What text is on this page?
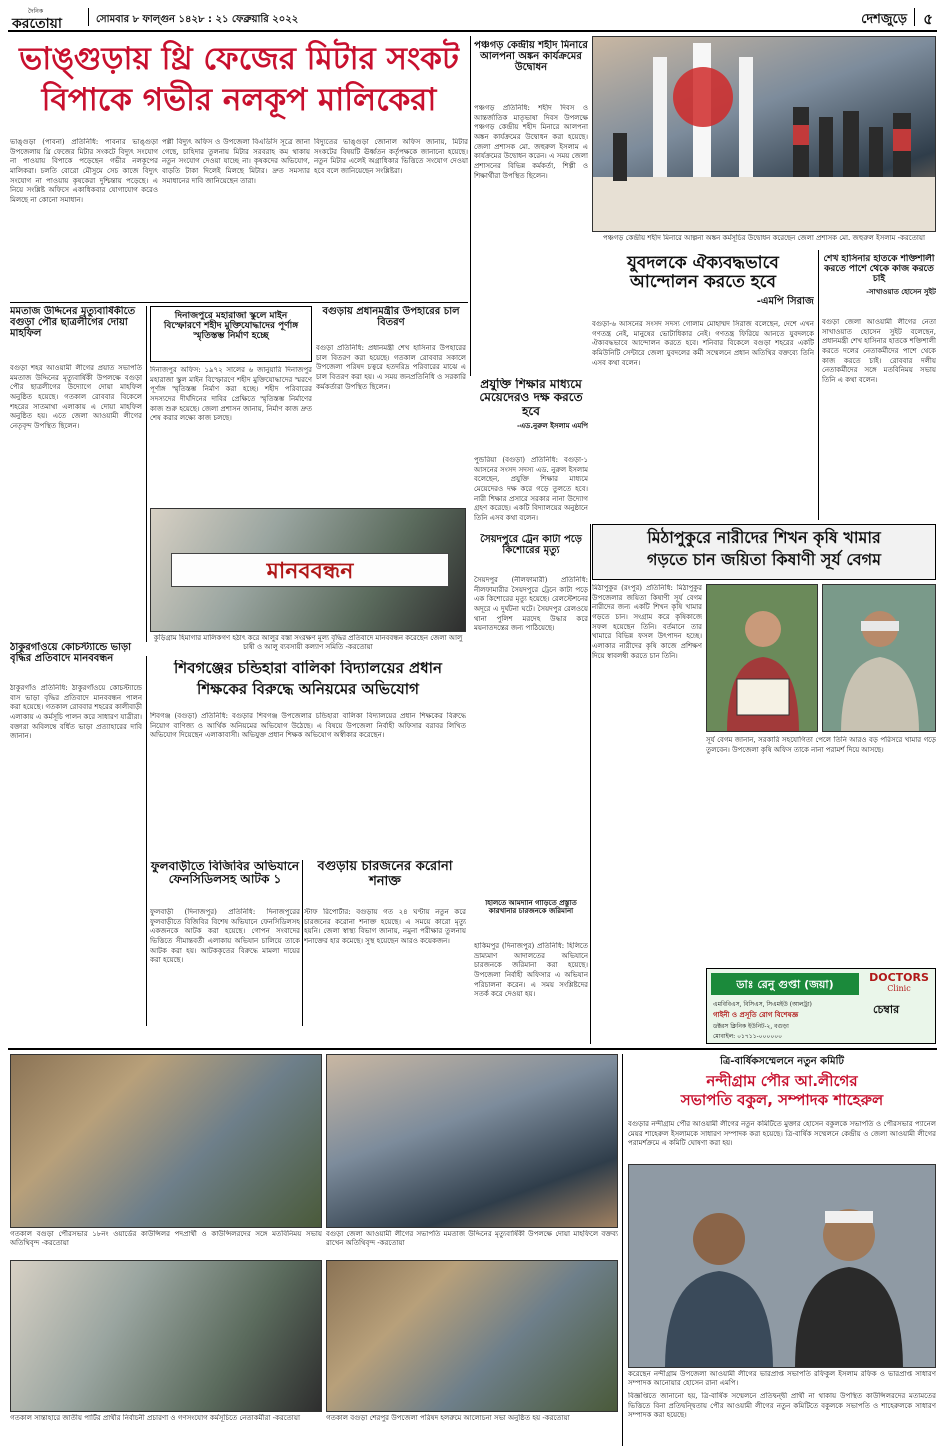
দৈনিক
করতোয়া	সোমবার ৮ ফাল্গুন ১৪২৮ : ২১ ফেব্রুয়ারি ২০২২	দেশজুড়ে ৫
ভাঙ্গুড়ায় থ্রি ফেজের মিটার সংকট
বিপাকে গভীর নলকূপ মালিকেরা
ভাঙ্গুড়া (পাবনা) প্রতিনিধি: পাবনার ভাঙ্গুড়া উপজেলায় থ্রি ফেজের মিটার সংকটে বিদ্যুৎ সংযোগ না পাওয়ায় বিপাকে পড়েছেন গভীর নলকূপের মালিকরা। চলতি বোরো মৌসুমে সেচ কাজে বিদ্যুৎ সংযোগ না পাওয়ায় কৃষকেরা দুশ্চিন্তায় পড়েছে। এ নিয়ে সংশ্লিষ্ট অফিসে একাধিকবার যোগাযোগ করেও মিলছে না কোনো সমাধান।
পল্লী বিদ্যুৎ অফিস ও উপজেলা বিএডিসি সূত্রে জানা গেছে, চাহিদার তুলনায় মিটার সরবরাহ কম থাকায় নতুন সংযোগ দেওয়া যাচ্ছে না। কৃষকদের অভিযোগ, বাড়তি টাকা দিলেই মিলছে মিটার। দ্রুত সমস্যার সমাধানের দাবি জানিয়েছেন তারা।
বিদ্যুতের ভাঙ্গুড়া জোনাল অফিস জানায়, মিটার সংকটের বিষয়টি ঊর্ধ্বতন কর্তৃপক্ষকে জানানো হয়েছে। নতুন মিটার এলেই অগ্রাধিকার ভিত্তিতে সংযোগ দেওয়া হবে বলে জানিয়েছেন সংশ্লিষ্টরা।
পঞ্চগড় কেন্দ্রীয় শহীদ মিনারে আলপনা অঙ্কন কার্যক্রমের উদ্বোধন
পঞ্চগড় প্রতিনিধি: শহীদ দিবস ও আন্তর্জাতিক মাতৃভাষা দিবস উপলক্ষে পঞ্চগড় কেন্দ্রীয় শহীদ মিনারে আলপনা অঙ্কন কার্যক্রমের উদ্বোধন করা হয়েছে। জেলা প্রশাসক মো. জহুরুল ইসলাম এ কার্যক্রমের উদ্বোধন করেন। এ সময় জেলা প্রশাসনের বিভিন্ন কর্মকর্তা, শিল্পী ও শিক্ষার্থীরা উপস্থিত ছিলেন।
পঞ্চগড় কেন্দ্রীয় শহীদ মিনারে আল্পনা অঙ্কন কর্মসূচির উদ্বোধন করেছেন জেলা প্রশাসক মো. জহুরুল ইসলাম -করতোয়া
যুবদলকে ঐক্যবদ্ধভাবে আন্দোলন করতে হবে
-এমপি সিরাজ
বগুড়া-৬ আসনের সংসদ সদস্য গোলাম মোহাম্মদ সিরাজ বলেছেন, দেশে এখন গণতন্ত্র নেই, মানুষের ভোটাধিকার নেই। গণতন্ত্র ফিরিয়ে আনতে যুবদলকে ঐক্যবদ্ধভাবে আন্দোলন করতে হবে। শনিবার বিকেলে বগুড়া শহরের একটি কমিউনিটি সেন্টারে জেলা যুবদলের কর্মী সম্মেলনে প্রধান অতিথির বক্তব্যে তিনি এসব কথা বলেন।
শেখ হাসিনার হাতকে শক্তিশালী করতে পাশে থেকে কাজ করতে চাই
-সাখাওয়াত হোসেন সুইট
বগুড়া জেলা আওয়ামী লীগের নেতা সাখাওয়াত হোসেন সুইট বলেছেন, প্রধানমন্ত্রী শেখ হাসিনার হাতকে শক্তিশালী করতে দলের নেতাকর্মীদের পাশে থেকে কাজ করতে চাই। রোববার দলীয় নেতাকর্মীদের সঙ্গে মতবিনিময় সভায় তিনি এ কথা বলেন।
মমতাজ উদ্দিনের মৃত্যুবার্ষিকীতে বগুড়া পৌর ছাত্রলীগের দোয়া মাহফিল
বগুড়া শহর আওয়ামী লীগের প্রয়াত সভাপতি মমতাজ উদ্দিনের মৃত্যুবার্ষিকী উপলক্ষে বগুড়া পৌর ছাত্রলীগের উদ্যোগে দোয়া মাহফিল অনুষ্ঠিত হয়েছে। গতকাল রোববার বিকেলে শহরের সাতমাথা এলাকায় এ দোয়া মাহফিল অনুষ্ঠিত হয়। এতে জেলা আওয়ামী লীগের নেতৃবৃন্দ উপস্থিত ছিলেন।
দিনাজপুরে মহারাজা স্কুলে মাইন বিস্ফোরণে শহীদ মুক্তিযোদ্ধাদের পূর্ণাঙ্গ স্মৃতিস্তম্ভ নির্মাণ হচ্ছে
দিনাজপুর অফিস: ১৯৭২ সালের ৬ জানুয়ারি দিনাজপুর মহারাজা স্কুল মাইন বিস্ফোরণে শহীদ মুক্তিযোদ্ধাদের স্মরণে পূর্ণাঙ্গ স্মৃতিস্তম্ভ নির্মাণ করা হচ্ছে। শহীদ পরিবারের সদস্যদের দীর্ঘদিনের দাবির প্রেক্ষিতে স্মৃতিস্তম্ভ নির্মাণের কাজ শুরু হয়েছে। জেলা প্রশাসন জানায়, নির্মাণ কাজ দ্রুত শেষ করার লক্ষ্যে কাজ চলছে।
বগুড়ায় প্রধানমন্ত্রীর উপহারের চাল বিতরণ
বগুড়া প্রতিনিধি: প্রধানমন্ত্রী শেখ হাসিনার উপহারের চাল বিতরণ করা হয়েছে। গতকাল রোববার সকালে উপজেলা পরিষদ চত্বরে হতদরিদ্র পরিবারের মাঝে এ চাল বিতরণ করা হয়। এ সময় জনপ্রতিনিধি ও সরকারি কর্মকর্তারা উপস্থিত ছিলেন।	প্রযুক্তি শিক্ষার মাধ্যমে মেয়েদেরও দক্ষ করতে হবে
-এড.নুরুল ইসলাম এমপি
পুন্ডরিয়া (বগুড়া) প্রতিনিধি: বগুড়া-১ আসনের সংসদ সদস্য এড. নুরুল ইসলাম বলেছেন, প্রযুক্তি শিক্ষার মাধ্যমে মেয়েদেরও দক্ষ করে গড়ে তুলতে হবে। নারী শিক্ষার প্রসারে সরকার নানা উদ্যোগ গ্রহণ করেছে। একটি বিদ্যালয়ের অনুষ্ঠানে তিনি এসব কথা বলেন।
মানববন্ধন
কুড়িগ্রাম হিমাগার মালিকগণ হঠাৎ করে আলুর বস্তা সংরক্ষণ মূল্য বৃদ্ধির প্রতিবাদে মানববন্ধন করেছেন জেলা আলু চাষী ও আলু ব্যবসায়ী কল্যাণ সমিতি -করতোয়া
মিঠাপুকুরে নারীদের শিখন কৃষি খামার
গড়তে চান জয়িতা কিষাণী সূর্য বেগম
মিঠাপুকুর (রংপুর) প্রতিনিধি: মিঠাপুকুর উপজেলার জয়িতা কিষাণী সূর্য বেগম নারীদের জন্য একটি শিখন কৃষি খামার গড়তে চান। সংগ্রাম করে কৃষিকাজে সফল হয়েছেন তিনি। বর্তমানে তার খামারে বিভিন্ন ফসল উৎপাদন হচ্ছে। এলাকার নারীদের কৃষি কাজে প্রশিক্ষণ দিয়ে স্বাবলম্বী করতে চান তিনি।
সূর্য বেগম জানান, সরকারি সহযোগিতা পেলে তিনি আরও বড় পরিসরে খামার গড়ে তুলবেন। উপজেলা কৃষি অফিস তাকে নানা পরামর্শ দিয়ে আসছে।
শিবগঞ্জের চন্ডিহারা বালিকা বিদ্যালয়ের প্রধান
শিক্ষকের বিরুদ্ধে অনিয়মের অভিযোগ
শিবগঞ্জ (বগুড়া) প্রতিনিধি: বগুড়ার শিবগঞ্জ উপজেলার চন্ডিহারা বালিকা বিদ্যালয়ের প্রধান শিক্ষকের বিরুদ্ধে নিয়োগ বাণিজ্য ও আর্থিক অনিয়মের অভিযোগ উঠেছে। এ বিষয়ে উপজেলা নির্বাহী অফিসার বরাবর লিখিত অভিযোগ দিয়েছেন এলাকাবাসী। অভিযুক্ত প্রধান শিক্ষক অভিযোগ অস্বীকার করেছেন।
সৈয়দপুরে ট্রেন কাটা পড়ে কিশোরের মৃত্যু
সৈয়দপুর (নীলফামারী) প্রতিনিধি: নীলফামারীর সৈয়দপুরে ট্রেনে কাটা পড়ে এক কিশোরের মৃত্যু হয়েছে। রেলস্টেশনের অদূরে এ দুর্ঘটনা ঘটে। সৈয়দপুর রেলওয়ে থানা পুলিশ মরদেহ উদ্ধার করে ময়নাতদন্তের জন্য পাঠিয়েছে।
ঠাকুরগাঁওয়ে কোচস্ট্যান্ডে ভাড়া বৃদ্ধির প্রতিবাদে মানববন্ধন
ঠাকুরগাঁও প্রতিনিধি: ঠাকুরগাঁওয়ে কোচস্ট্যান্ডে বাস ভাড়া বৃদ্ধির প্রতিবাদে মানববন্ধন পালন করা হয়েছে। গতকাল রোববার শহরের কালীবাড়ী এলাকায় এ কর্মসূচি পালন করে সাধারণ যাত্রীরা। বক্তারা অবিলম্বে বর্ধিত ভাড়া প্রত্যাহারের দাবি জানান।
ফুলবাড়ীতে বিজিবির অভিযানে ফেনসিডিলসহ আটক ১
ফুলবাড়ী (দিনাজপুর) প্রতিনিধি: দিনাজপুরের ফুলবাড়ীতে বিজিবির বিশেষ অভিযানে ফেনসিডিলসহ একজনকে আটক করা হয়েছে। গোপন সংবাদের ভিত্তিতে সীমান্তবর্তী এলাকায় অভিযান চালিয়ে তাকে আটক করা হয়। আটককৃতের বিরুদ্ধে মামলা দায়ের করা হয়েছে।
বগুড়ায় চারজনের করোনা শনাক্ত
স্টাফ রিপোর্টার: বগুড়ায় গত ২৪ ঘণ্টায় নতুন করে চারজনের করোনা শনাক্ত হয়েছে। এ সময়ে কারো মৃত্যু হয়নি। জেলা স্বাস্থ্য বিভাগ জানায়, নমুনা পরীক্ষার তুলনায় শনাক্তের হার কমেছে। সুস্থ হয়েছেন আরও কয়েকজন।
হিলিতে আমদানি গাড়িতে প্রস্তুতি কারখানার চারজনকে জরিমানা
হাকিমপুর (দিনাজপুর) প্রতিনিধি: হিলিতে ভ্রাম্যমাণ আদালতের অভিযানে চারজনকে জরিমানা করা হয়েছে। উপজেলা নির্বাহী অফিসার এ অভিযান পরিচালনা করেন। এ সময় সংশ্লিষ্টদের সতর্ক করে দেওয়া হয়।
ডাঃ রেনু গুপ্তা (জয়া)
DOCTORS
Clinic
এমবিবিএস, বিসিএস, সিএমইউ (আলট্রা)
গাইনী ও প্রসূতি রোগ বিশেষজ্ঞ	চেম্বার
ডক্টরস ক্লিনিক ইউনিট-২, বগুড়া
মোবাইল: ০১৭১১-০০০০০০
গতকাল বগুড়া পৌরসভার ১৮নং ওয়ার্ডের কাউন্সিলর পদপ্রার্থী ও কাউন্সিলরদের সঙ্গে মতবিনিময় সভায় অতিথিবৃন্দ -করতোয়া
বগুড়া জেলা আওয়ামী লীগের সভাপতি মমতাজ উদ্দিনের মৃত্যুবার্ষিকী উপলক্ষে দোয়া মাহফিলে বক্তব্য রাখেন অতিথিবৃন্দ -করতোয়া
গতকাল সান্তাহারে জাতীয় পার্টির প্রার্থীর নির্বাচনী প্রচারণা ও গণসংযোগ কর্মসূচিতে নেতাকর্মীরা -করতোয়া	গতকাল বগুড়া শেরপুর উপজেলা পরিষদ হলরুমে আলোচনা সভা অনুষ্ঠিত হয় -করতোয়া
ত্রি-বার্ষিকসম্মেলনে নতুন কমিটি
নন্দীগ্রাম পৌর আ.লীগের
সভাপতি বকুল, সম্পাদক শাহেরুল
বগুড়ার নন্দীগ্রাম পৌর আওয়ামী লীগের নতুন কমিটিতে মুক্তার হোসেন বকুলকে সভাপতি ও পৌরসভার প্যানেল মেয়র শাহেরুল ইসলামকে সাধারণ সম্পাদক করা হয়েছে। ত্রি-বার্ষিক সম্মেলনে কেন্দ্রীয় ও জেলা আওয়ামী লীগের পরামর্শক্রমে এ কমিটি ঘোষণা করা হয়।
করেছেন নন্দীগ্রাম উপজেলা আওয়ামী লীগের ভারপ্রাপ্ত সভাপতি রফিকুল ইসলাম রফিক ও ভারপ্রাপ্ত সাধারণ সম্পাদক আনোয়ার হোসেন রানা এমপি।
বিজ্ঞপ্তিতে জানানো হয়, ত্রি-বার্ষিক সম্মেলনে প্রতিদ্বন্দ্বী প্রার্থী না থাকায় উপস্থিত কাউন্সিলরদের মতামতের ভিত্তিতে বিনা প্রতিদ্বন্দ্বিতায় পৌর আওয়ামী লীগের নতুন কমিটিতে বকুলকে সভাপতি ও শাহেরুলকে সাধারণ সম্পাদক করা হয়েছে।
